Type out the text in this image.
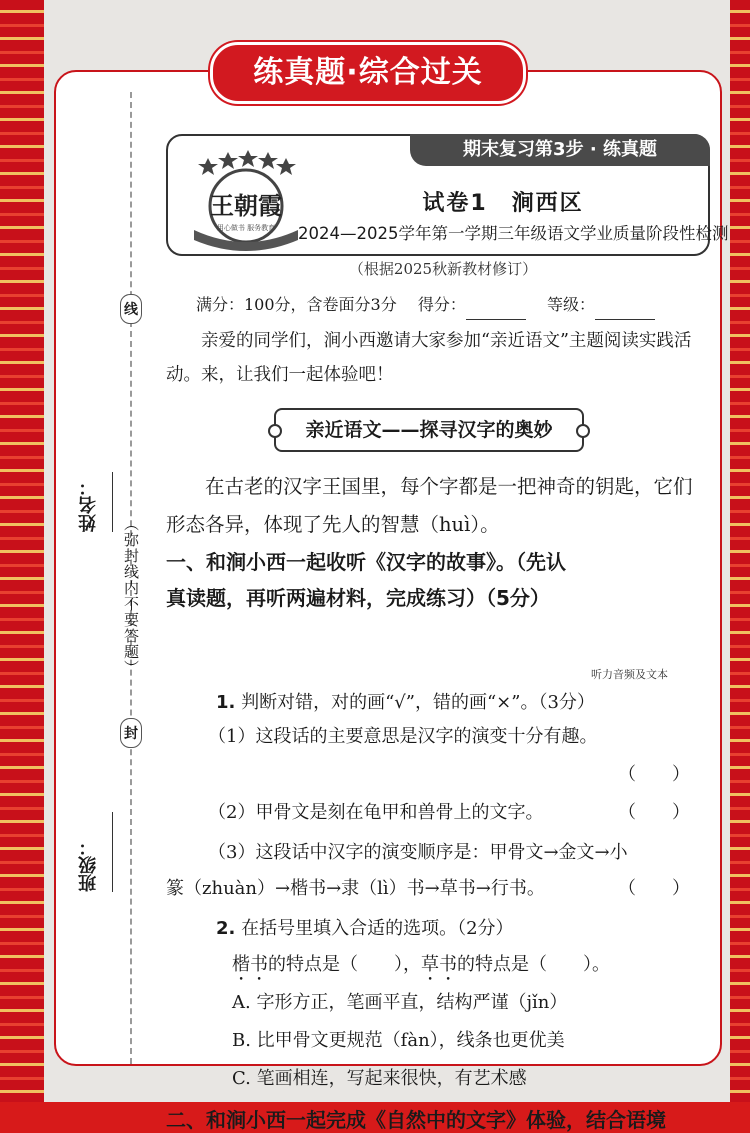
线
封
姓名：
班级：
（弥封线内不要答题）
期末复习第3步 · 练真题
王朝霞
用心做书 服务教育
试卷1　涧西区
2024—2025学年第一学期三年级语文学业质量阶段性检测
（根据2025秋新教材修订）
满分：100分，含卷面分3分　 得分：　	等级：
亲爱的同学们，涧小西邀请大家参加“亲近语文”主题阅读实践活动。来，让我们一起体验吧！
亲近语文——探寻汉字的奥妙
在古老的汉字王国里，每个字都是一把神奇的钥匙，它们形态各异，体现了先人的智慧（huì）。
一、和涧小西一起收听《汉字的故事》。（先认真读题，再听两遍材料，完成练习）（5分）
听力音频及文本
1. 判断对错，对的画“√”，错的画“×”。（3分）
（1）这段话的主要意思是汉字的演变十分有趣。
（　　）
（2）甲骨文是刻在龟甲和兽骨上的文字。	（　　）
（3）这段话中汉字的演变顺序是：甲骨文→金文→小
篆（zhuàn）→楷书→隶（lì）书→草书→行书。	（　　）
2. 在括号里填入合适的选项。（2分）
楷书的特点是（　　），草书的特点是（　　）。
A. 字形方正，笔画平直，结构严谨（jǐn）
B. 比甲骨文更规范（fàn），线条也更优美
C. 笔画相连，写起来很快，有艺术感
二、和涧小西一起完成《自然中的文字》体验，结合语境
练真题·综合过关
